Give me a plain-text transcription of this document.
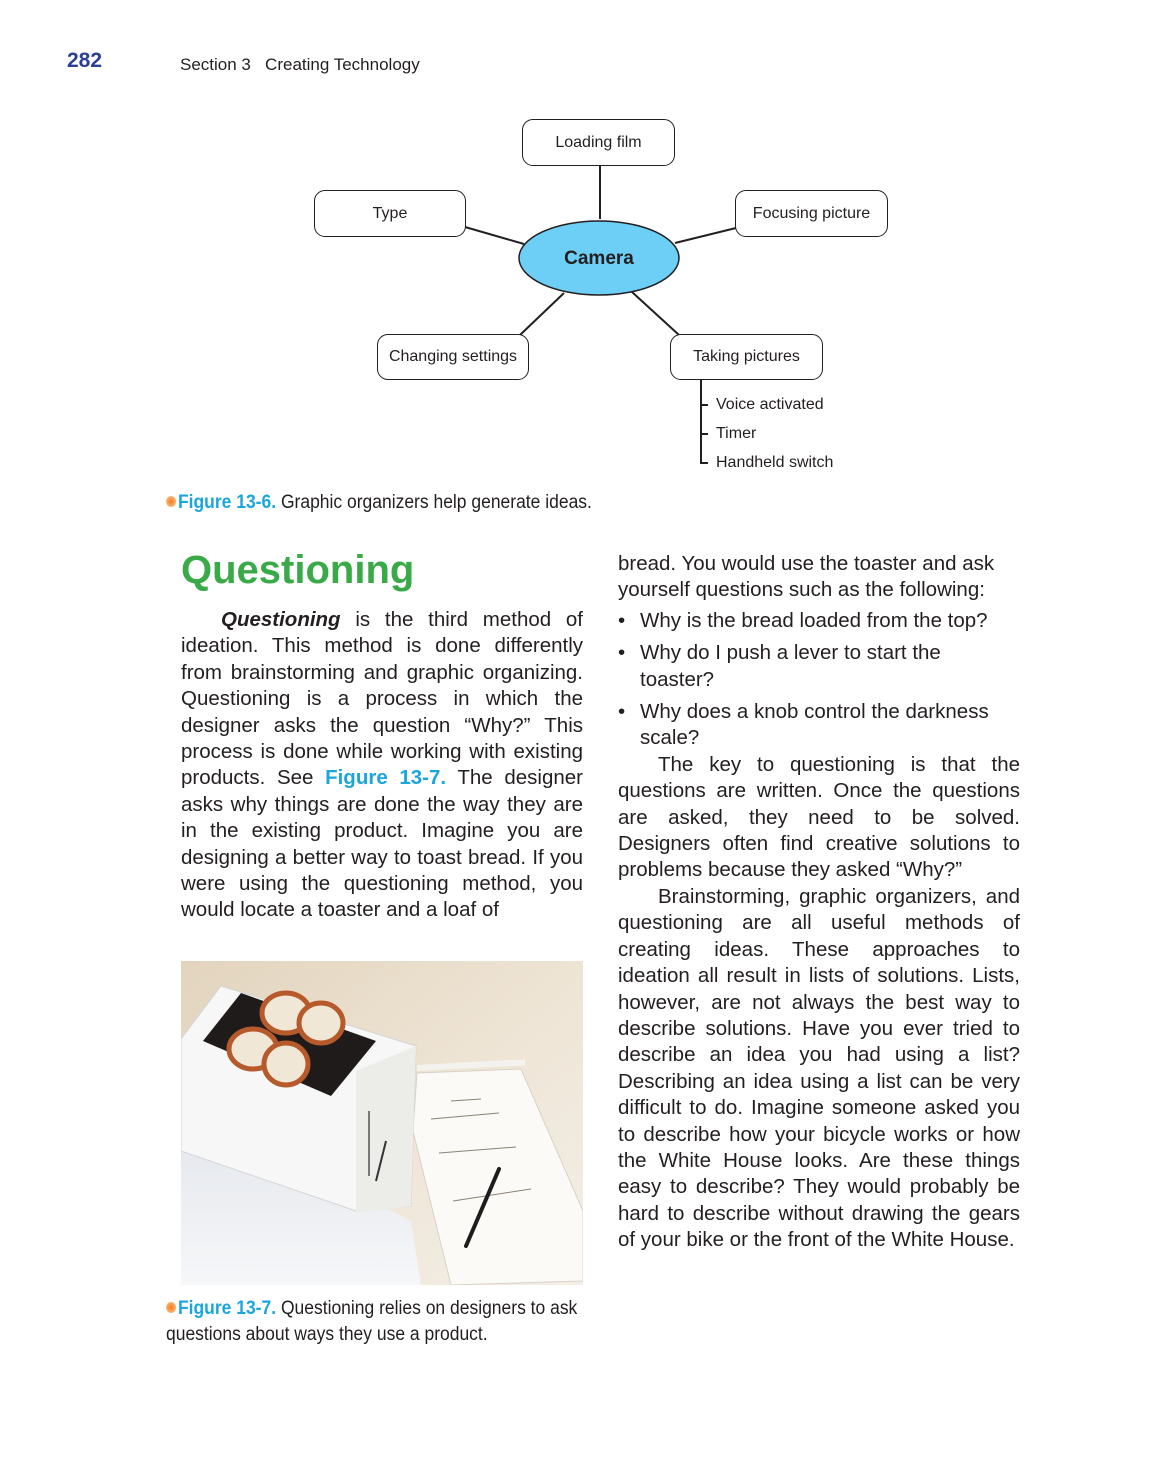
282	Section 3   Creating Technology
Camera
Loading film
Type	Focusing picture
Changing settings	Taking pictures
Voice activated
Timer
Handheld switch
Figure 13-6. Graphic organizers help generate ideas.
Questioning

Questioning is the third method of ideation. This method is done differently from brainstorming and graphic organizing. Questioning is a process in which the designer asks the question “Why?” This process is done while working with existing products. See Figure 13-7. The designer asks why things are done the way they are in the existing product. Imagine you are designing a better way to toast bread. If you were using the questioning method, you would locate a toaster and a loaf of

Figure 13-7. Questioning relies on designers to ask questions about ways they use a product.

bread. You would use the toaster and ask yourself questions such as the following:

• Why is the bread loaded from the top?
• Why do I push a lever to start the toaster?
• Why does a knob control the darkness scale?

The key to questioning is that the questions are written. Once the questions are asked, they need to be solved. Designers often find creative solutions to problems because they asked “Why?”

Brainstorming, graphic organizers, and questioning are all useful methods of creating ideas. These approaches to ideation all result in lists of solutions. Lists, however, are not always the best way to describe solutions. Have you ever tried to describe an idea you had using a list? Describing an idea using a list can be very difficult to do. Imagine someone asked you to describe how your bicycle works or how the White House looks. Are these things easy to describe? They would probably be hard to describe without drawing the gears of your bike or the front of the White House.
